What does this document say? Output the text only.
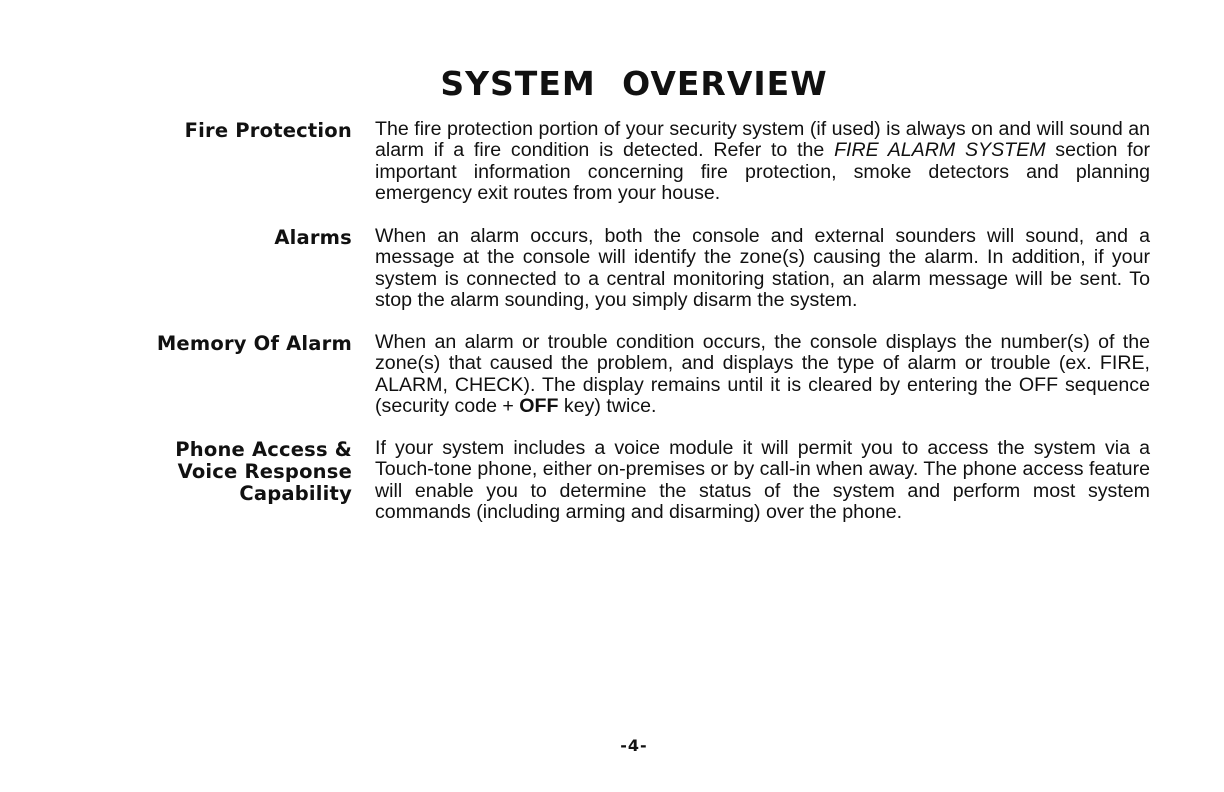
SYSTEM OVERVIEW
Fire Protection The fire protection portion of your security system (if used) is always on and will sound an alarm if a fire condition is detected. Refer to the FIRE ALARM SYSTEM section for important information concerning fire protection, smoke detectors and planning emergency exit routes from your house.

Alarms When an alarm occurs, both the console and external sounders will sound, and a message at the console will identify the zone(s) causing the alarm. In addition, if your system is connected to a central monitoring station, an alarm message will be sent. To stop the alarm sounding, you simply disarm the system.

Memory Of Alarm When an alarm or trouble condition occurs, the console displays the number(s) of the zone(s) that caused the problem, and displays the type of alarm or trouble (ex. FIRE, ALARM, CHECK). The display remains until it is cleared by entering the OFF sequence (security code + OFF key) twice.

Phone Access &
Voice Response
Capability

If your system includes a voice module it will permit you to access the system via a Touch-tone phone, either on-premises or by call-in when away. The phone access feature will enable you to determine the status of the system and perform most system commands (including arming and disarming) over the phone.

-4-
